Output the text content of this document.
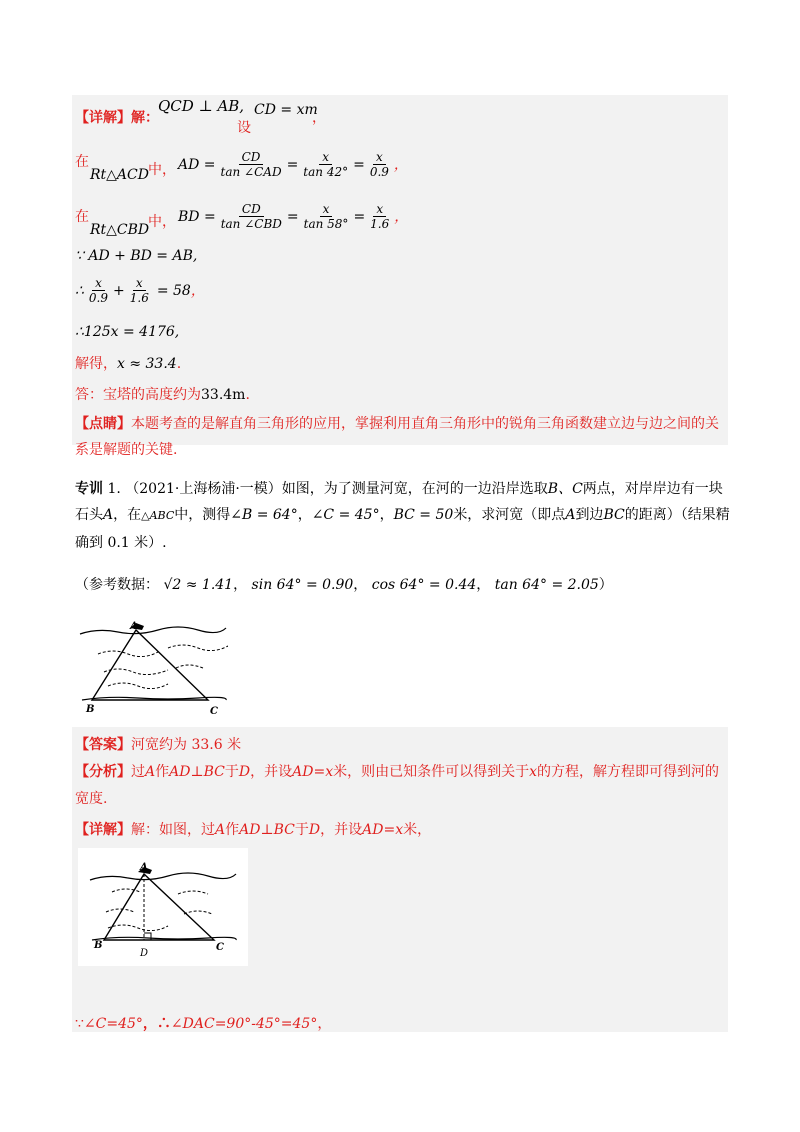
【详解】解：
QCD ⊥ AB,
设
CD = xm
，
在
Rt△ACD 中， AD = $\frac{CD}{\text{tan ∠CAD}} = \frac{x}{\tan 42^\circ} = \frac{x}{0.9}$ ，
在
Rt△CBD
中， BD = $\frac{CD}{\text{tan ∠CBD}} = \frac{x}{\tan 58^\circ} = \frac{x}{1.6}$ ，
∵ AD + BD = AB,
∴ $\frac{x}{0.9} + \frac{x}{1.6} = 58$ ，
∴125x = 4176,
解得，x ≈ 33.4.
答：宝塔的高度约为33.4m.
【点睛】本题考查的是解直角三角形的应用，掌握利用直角三角形中的锐角三角函数建立边与边之间的关
系是解题的关键.
专训 1. （2021·上海杨浦·一模）如图，为了测量河宽，在河的一边沿岸选取B、C两点，对岸岸边有一块
石头A，在△ABC中，测得∠B = 64°，∠C = 45°，BC = 50米，求河宽（即点A到边BC的距离）（结果精
确到 0.1 米）.
（参考数据： √2 ≈ 1.41， sin 64° = 0.90， cos 64° = 0.44， tan 64° = 2.05）
A
B	C
【答案】河宽约为 33.6 米
【分析】过A作AD⊥BC于D，并设AD=x米，则由已知条件可以得到关于x的方程，解方程即可得到河的
宽度.
【详解】解：如图，过A作AD⊥BC于D，并设AD=x米，
A
B	C
D
∵∠C=45°，∴∠DAC=90°-45°=45°，
